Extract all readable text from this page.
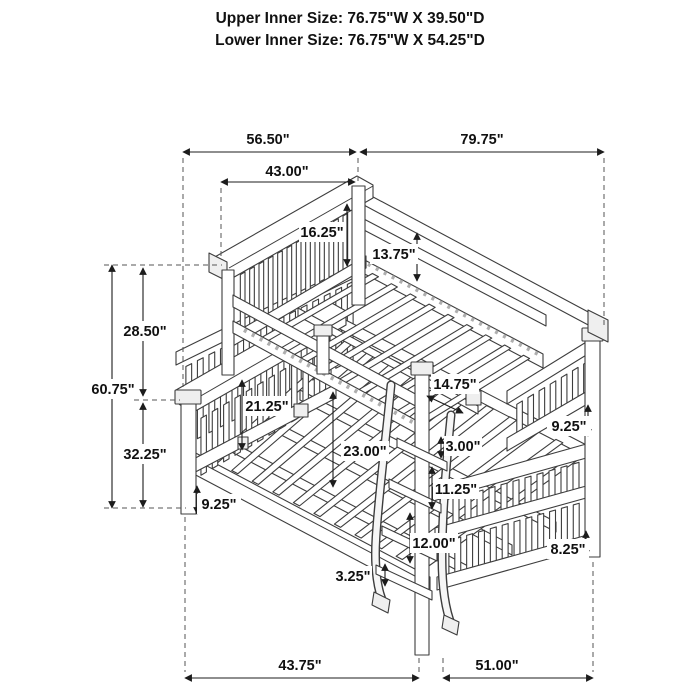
Upper Inner Size: 76.75"W X 39.50"D
Lower Inner Size: 76.75"W X 54.25"D
56.50"	79.75"
43.00"
16.25"
13.75"
60.75"
28.50"
32.25"
9.25"
21.25"
23.00"
14.75"
3.00"
11.25"
12.00"
3.25"
9.25"
8.25"
43.75"	51.00"
